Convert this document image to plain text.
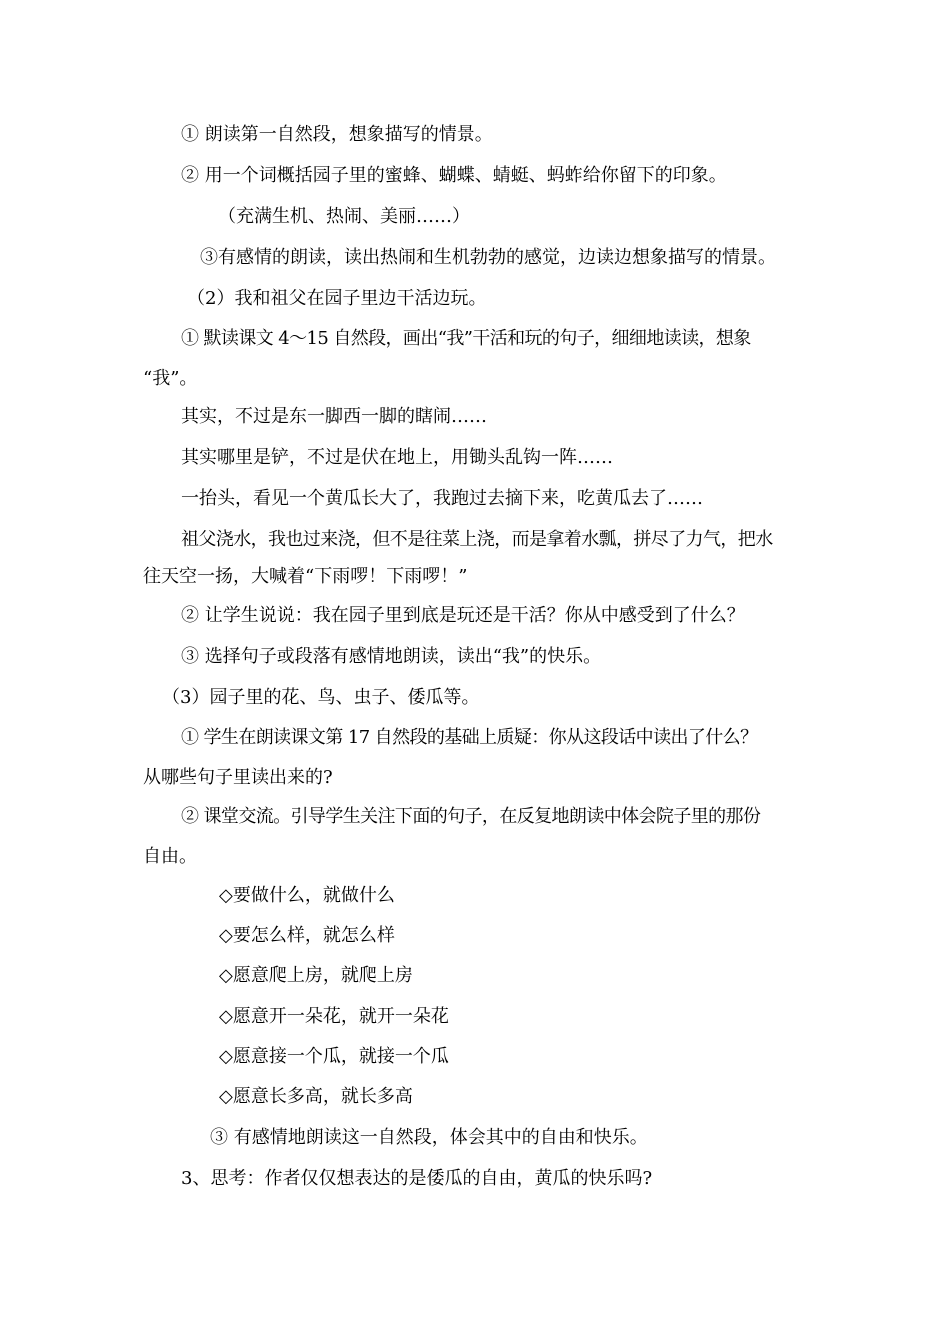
① 朗读第一自然段，想象描写的情景。
② 用一个词概括园子里的蜜蜂、蝴蝶、蜻蜓、蚂蚱给你留下的印象。
（充满生机、热闹、美丽……）
③有感情的朗读，读出热闹和生机勃勃的感觉，边读边想象描写的情景。
（2）我和祖父在园子里边干活边玩。
① 默读课文 4～15 自然段，画出“我”干活和玩的句子，细细地读读，想象
“我”。
其实，不过是东一脚西一脚的瞎闹……
其实哪里是铲，不过是伏在地上，用锄头乱钩一阵……
一抬头，看见一个黄瓜长大了，我跑过去摘下来，吃黄瓜去了……
祖父浇水，我也过来浇，但不是往菜上浇，而是拿着水瓢，拼尽了力气，把水
往天空一扬，大喊着“下雨啰！下雨啰！”
② 让学生说说：我在园子里到底是玩还是干活？你从中感受到了什么？
③ 选择句子或段落有感情地朗读，读出“我”的快乐。
（3）园子里的花、鸟、虫子、倭瓜等。
① 学生在朗读课文第 17 自然段的基础上质疑：你从这段话中读出了什么？
从哪些句子里读出来的?
② 课堂交流。引导学生关注下面的句子，在反复地朗读中体会院子里的那份
自由。
◇要做什么，就做什么
◇要怎么样，就怎么样
◇愿意爬上房，就爬上房
◇愿意开一朵花，就开一朵花
◇愿意接一个瓜，就接一个瓜
◇愿意长多高，就长多高
③ 有感情地朗读这一自然段，体会其中的自由和快乐。
3、思考：作者仅仅想表达的是倭瓜的自由，黄瓜的快乐吗?
